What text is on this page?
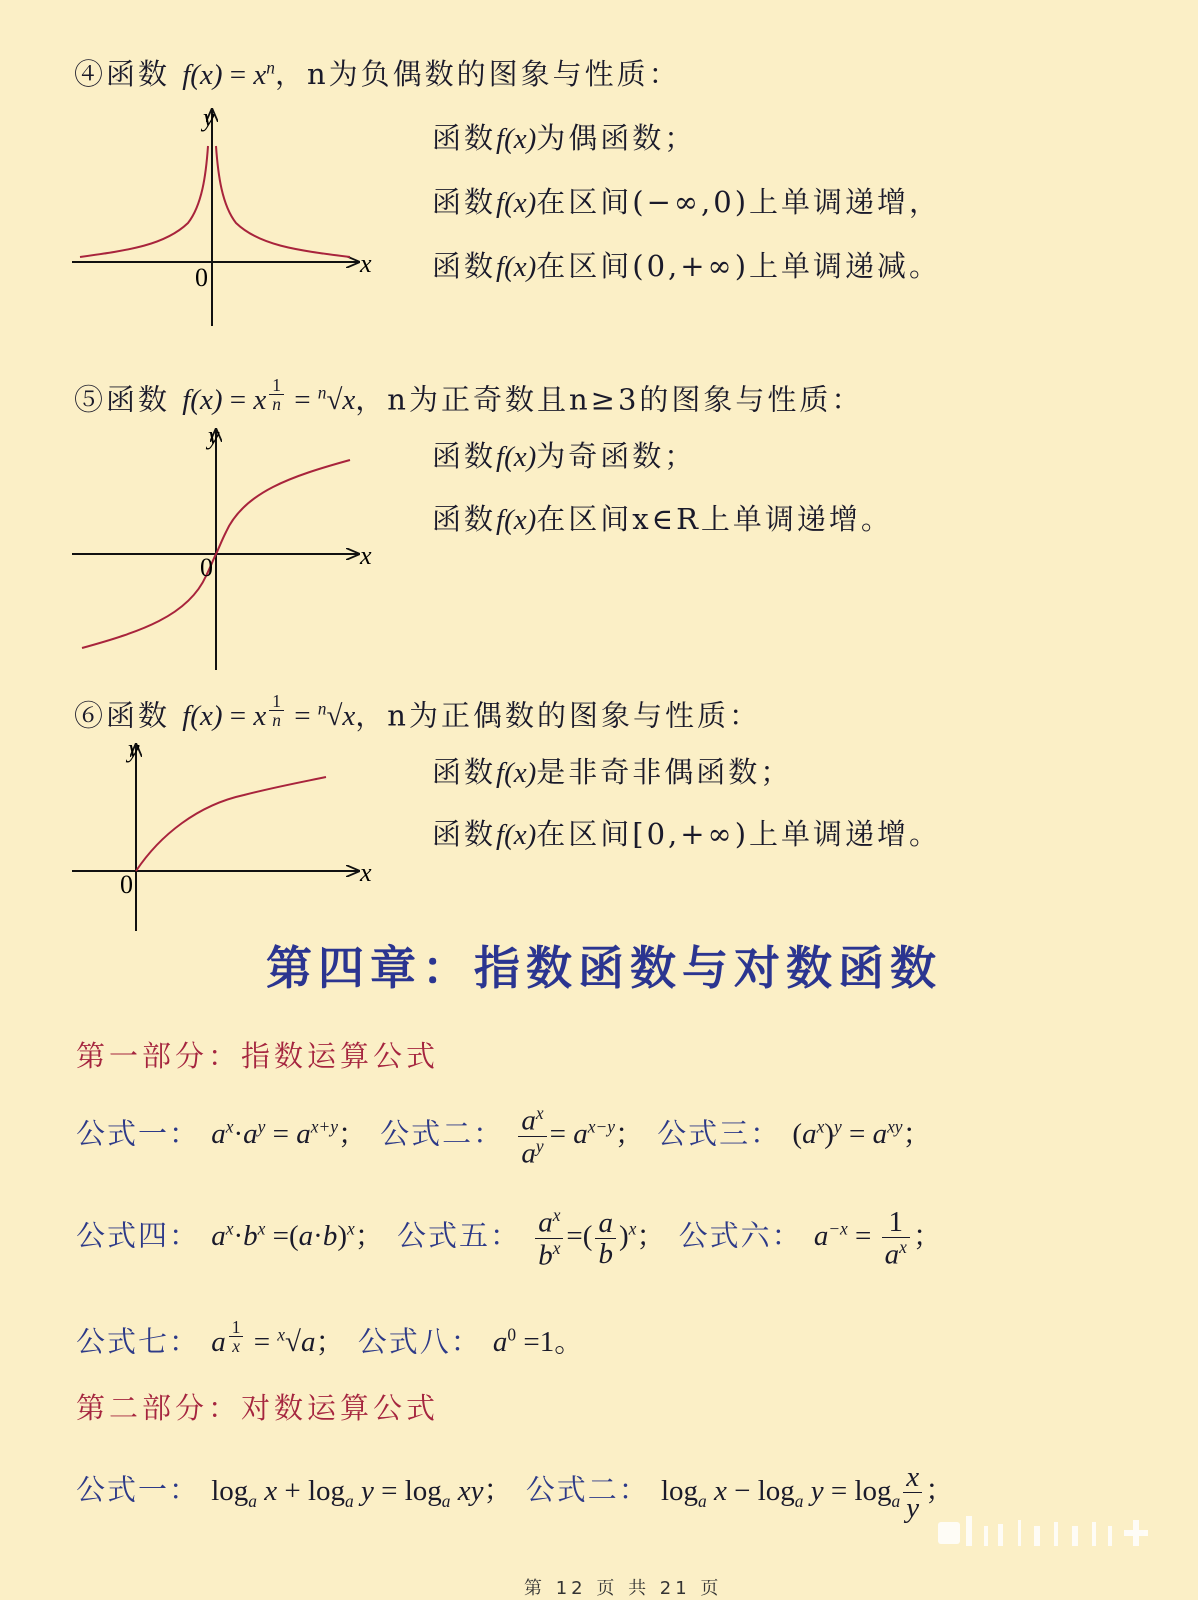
④函数 $f(x) = x^n$，n为负偶数的图象与性质：
x
y
0
函数f(x)为偶函数；
函数f(x)在区间(−∞,0)上单调递增，
函数f(x)在区间(0,+∞)上单调递减。
⑤函数 f(x) = x $^{\frac{1}{n}}$ = $^n$√x，n为正奇数且n≥3的图象与性质：
x
y
0
函数f(x)为奇函数；
函数f(x)在区间x∈R上单调递增。
⑥函数 f(x) = x $^{\frac{1}{n}}$ = $^n$√x，n为正偶数的图象与性质：
x
y
0
函数f(x)是非奇非偶函数；
函数f(x)在区间[0,+∞)上单调递增。
第四章：指数函数与对数函数
第一部分：指数运算公式
公式一： $a^x\cdot a^y = a^{x+y}$； 公式二： $\frac{a^x}{a^y} = a^{x-y}$； 公式三： $(a^x)^y = a^{xy}$；
公式四： $a^x\cdot b^x =(a\cdot b)^x$； 公式五： $\frac{a^x}{b^x}$ =( $\frac{a}{b} )^x$； 公式六： $a^{-x} = \frac{1}{a^x}$ ；
公式七： a $^{\frac{1}{x}}$ = $^x$√a； 公式八： $a^0 =1$。
第二部分：对数运算公式
公式一： $\log_a x + \log_a y = \log_a$ xy； 公式二： $\log_a x - \log_a y = \log_a \frac{x}{y}$ ；
第 12 页 共 21 页
